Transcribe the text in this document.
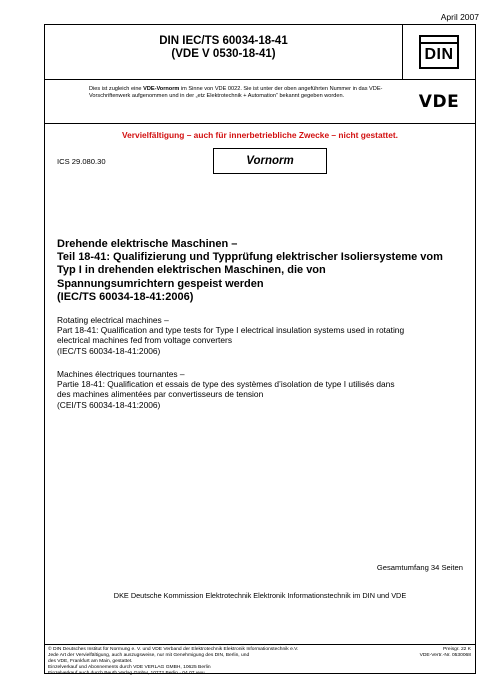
April 2007
DIN IEC/TS 60034-18-41
(VDE V 0530-18-41)	DIN
Dies ist zugleich eine VDE-Vornorm im Sinne von VDE 0022. Sie ist unter der oben angeführten Nummer in das VDE-Vorschriftenwerk aufgenommen und in der „etz Elektrotechnik + Automation“ bekannt gegeben worden.	VDE
Vervielfältigung – auch für innerbetriebliche Zwecke – nicht gestattet.
ICS 29.080.30	Vornorm
Drehende elektrische Maschinen –
Teil 18-41: Qualifizierung und Typprüfung elektrischer Isoliersysteme vom
Typ I in drehenden elektrischen Maschinen, die von
Spannungsumrichtern gespeist werden
(IEC/TS 60034-18-41:2006)
Rotating electrical machines –
Part 18-41: Qualification and type tests for Type I electrical insulation systems used in rotating
electrical machines fed from voltage converters
(IEC/TS 60034-18-41:2006)
Machines électriques tournantes –
Partie 18-41: Qualification et essais de type des systèmes d’isolation de type I utilisés dans
des machines alimentées par convertisseurs de tension
(CEI/TS 60034-18-41:2006)
Gesamtumfang 34 Seiten
DKE Deutsche Kommission Elektrotechnik Elektronik Informationstechnik im DIN und VDE
© DIN Deutsches Institut für Normung e. V. und VDE Verband der Elektrotechnik Elektronik Informationstechnik e.V.
Jede Art der Vervielfältigung, auch auszugsweise, nur mit Genehmigung des DIN, Berlin, und
des VDE, Frankfurt am Main, gestattet.
Einzelverkauf und Abonnements durch VDE VERLAG GMBH, 10625 Berlin
Einzelverkauf auch durch Beuth Verlag GmbH, 10772 Berlin · 04.07 vwu
Preisgr. 22 K
VDE-Vertr.-Nr. 0530068
